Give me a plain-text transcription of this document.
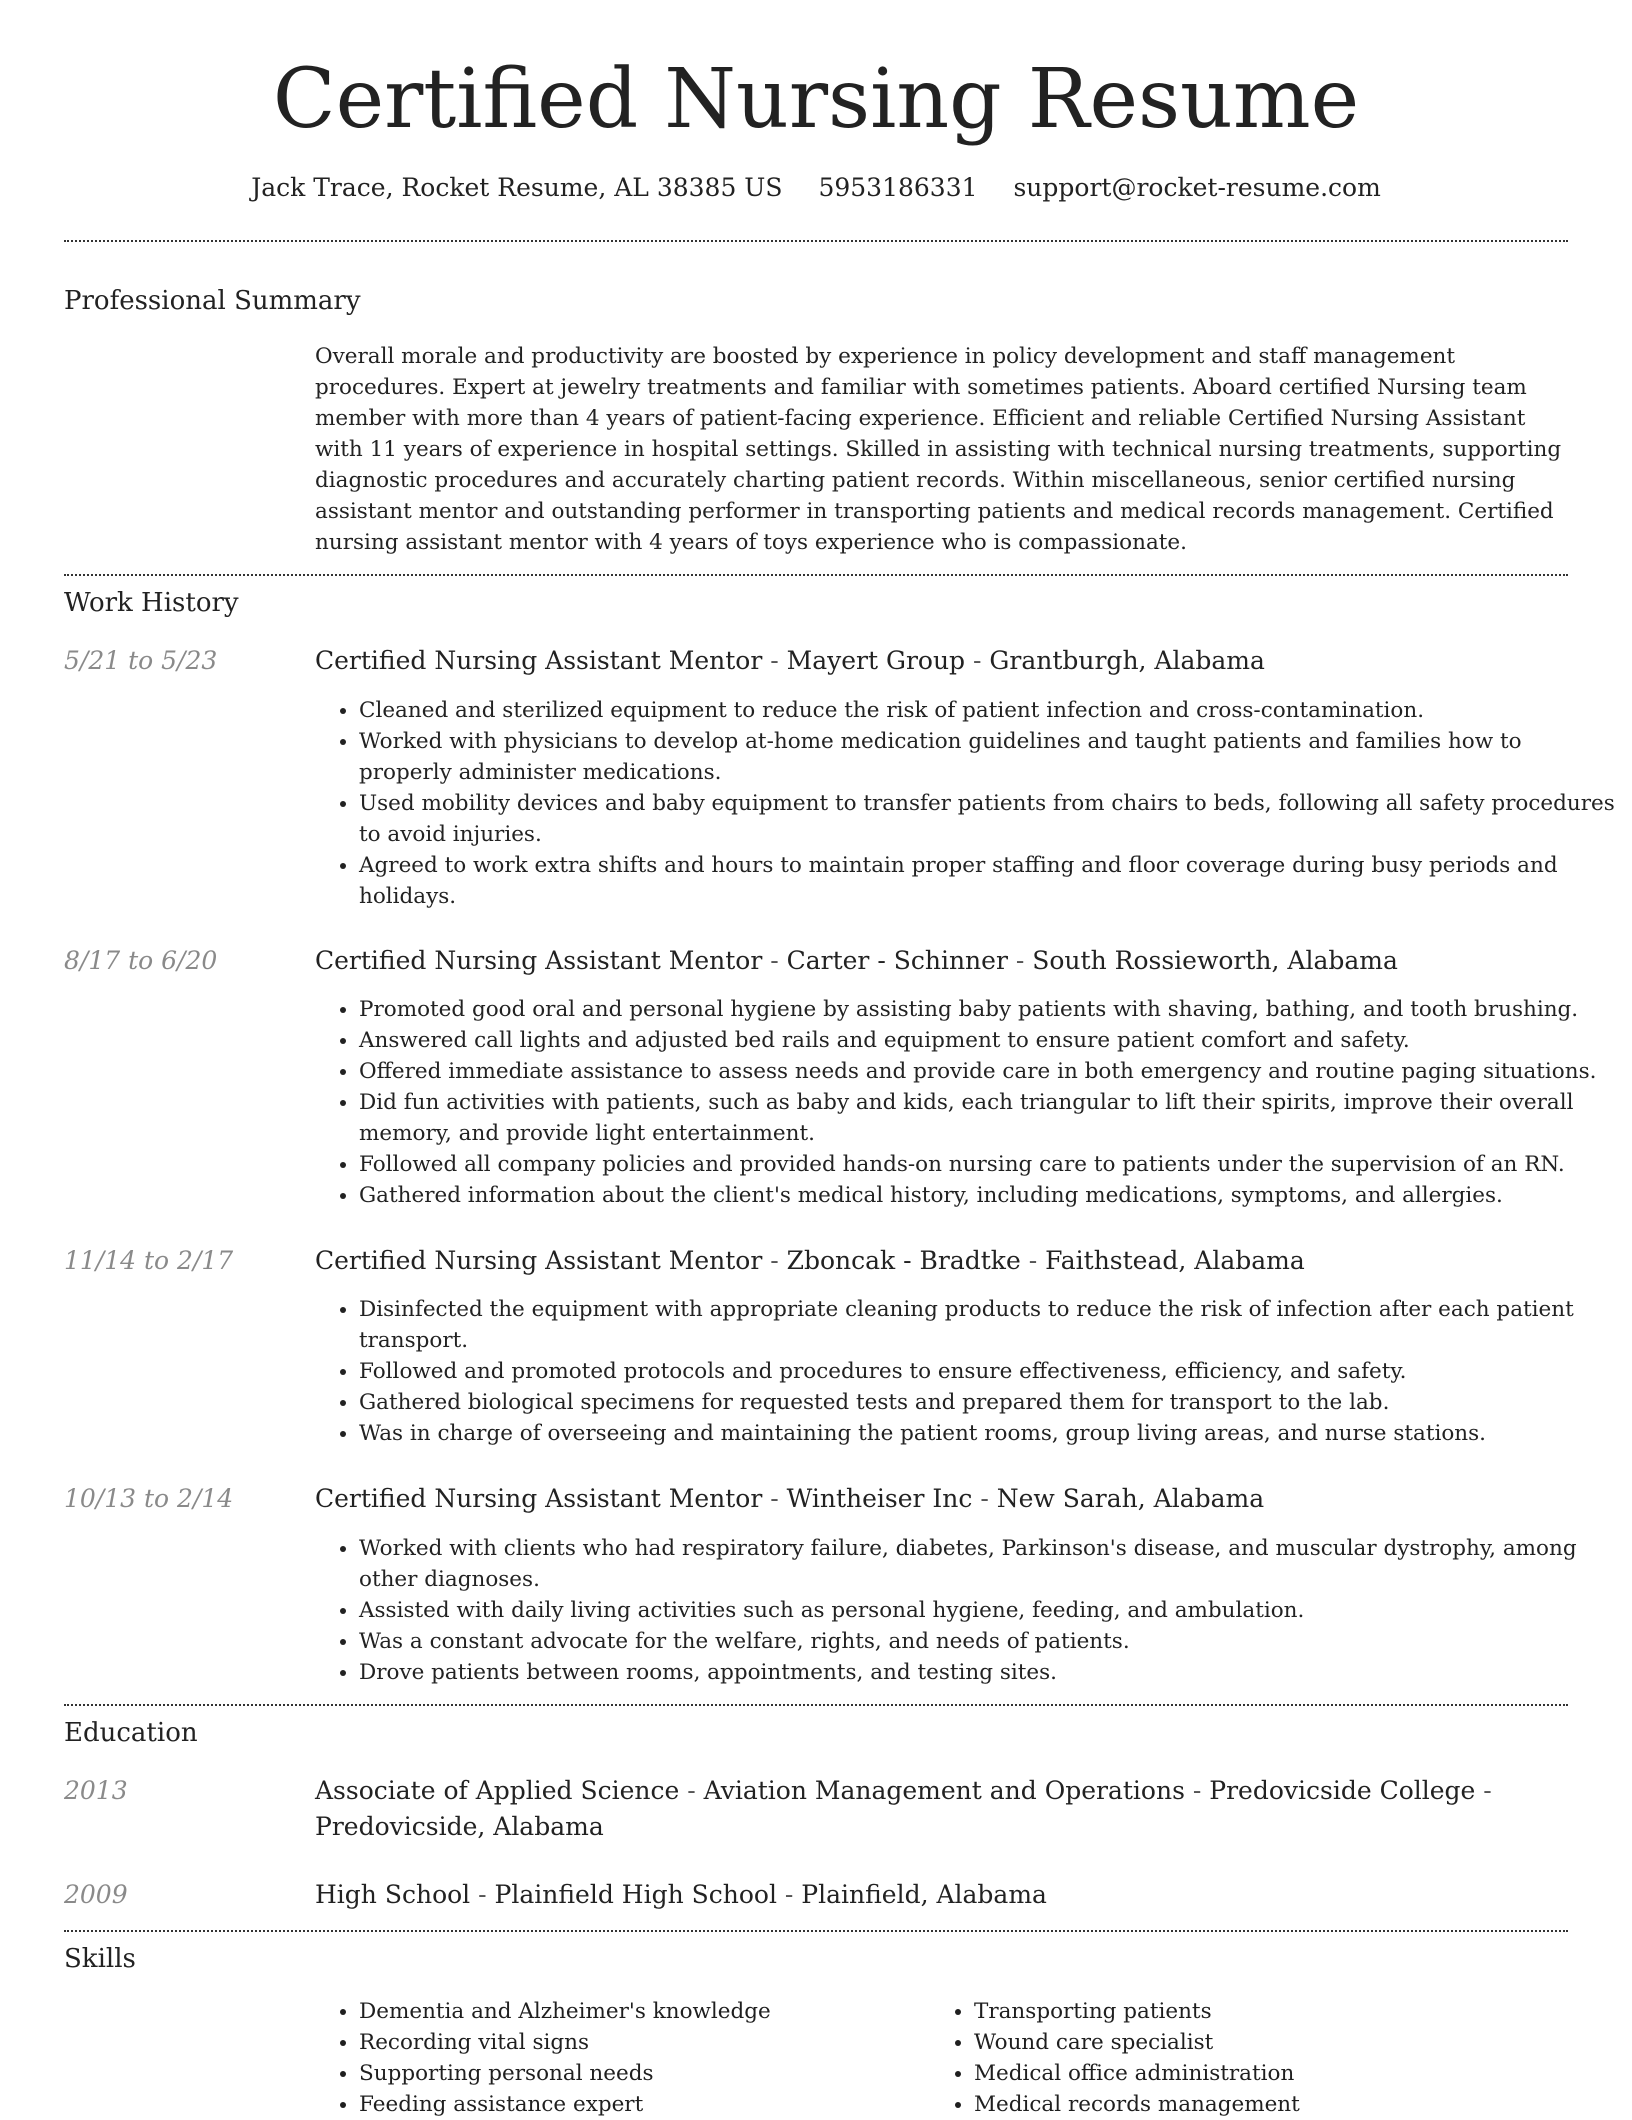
Certified Nursing Resume
Jack Trace, Rocket Resume, AL 38385 US 5953186331 support@rocket-resume.com
Professional Summary

Overall morale and productivity are boosted by experience in policy development and staff management procedures. Expert at jewelry treatments and familiar with sometimes patients. Aboard certified Nursing team member with more than 4 years of patient-facing experience. Efficient and reliable Certified Nursing Assistant with 11 years of experience in hospital settings. Skilled in assisting with technical nursing treatments, supporting diagnostic procedures and accurately charting patient records. Within miscellaneous, senior certified nursing assistant mentor and outstanding performer in transporting patients and medical records management. Certified nursing assistant mentor with 4 years of toys experience who is compassionate.

Work History
5/21 to 5/23	Certified Nursing Assistant Mentor - Mayert Group - Grantburgh, Alabama
• Cleaned and sterilized equipment to reduce the risk of patient infection and cross-contamination.
• Worked with physicians to develop at-home medication guidelines and taught patients and families how to properly administer medications.
• Used mobility devices and baby equipment to transfer patients from chairs to beds, following all safety procedures to avoid injuries.
• Agreed to work extra shifts and hours to maintain proper staffing and floor coverage during busy periods and holidays.
8/17 to 6/20	Certified Nursing Assistant Mentor - Carter - Schinner - South Rossieworth, Alabama
• Promoted good oral and personal hygiene by assisting baby patients with shaving, bathing, and tooth brushing.
• Answered call lights and adjusted bed rails and equipment to ensure patient comfort and safety.
• Offered immediate assistance to assess needs and provide care in both emergency and routine paging situations.
• Did fun activities with patients, such as baby and kids, each triangular to lift their spirits, improve their overall memory, and provide light entertainment.
• Followed all company policies and provided hands-on nursing care to patients under the supervision of an RN.
• Gathered information about the client's medical history, including medications, symptoms, and allergies.
11/14 to 2/17	Certified Nursing Assistant Mentor - Zboncak - Bradtke - Faithstead, Alabama
• Disinfected the equipment with appropriate cleaning products to reduce the risk of infection after each patient transport.
• Followed and promoted protocols and procedures to ensure effectiveness, efficiency, and safety.
• Gathered biological specimens for requested tests and prepared them for transport to the lab.
• Was in charge of overseeing and maintaining the patient rooms, group living areas, and nurse stations.
10/13 to 2/14	Certified Nursing Assistant Mentor - Wintheiser Inc - New Sarah, Alabama
• Worked with clients who had respiratory failure, diabetes, Parkinson's disease, and muscular dystrophy, among other diagnoses.
• Assisted with daily living activities such as personal hygiene, feeding, and ambulation.
• Was a constant advocate for the welfare, rights, and needs of patients.
• Drove patients between rooms, appointments, and testing sites.
Education
2013	Associate of Applied Science - Aviation Management and Operations - Predovicside College - Predovicside, Alabama
2009	High School - Plainfield High School - Plainfield, Alabama
Skills
• Dementia and Alzheimer's knowledge
• Recording vital signs
• Supporting personal needs
• Feeding assistance expert
• Transporting patients
• Wound care specialist
• Medical office administration
• Medical records management
